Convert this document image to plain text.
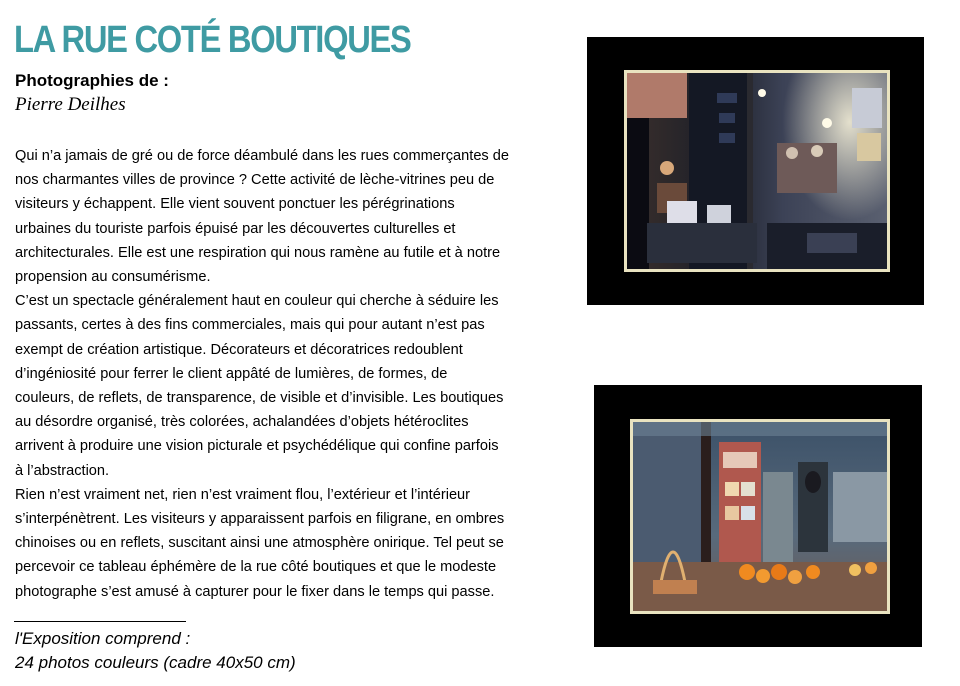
LA RUE COTÉ BOUTIQUES
Photographies de :
Pierre Deilhes
Qui n’a jamais de gré ou de force déambulé dans les rues commerçantes de
nos charmantes villes de province ? Cette activité de lèche-vitrines peu de
visiteurs y échappent. Elle vient souvent ponctuer les pérégrinations
urbaines du touriste parfois épuisé par les découvertes culturelles et
architecturales. Elle est une respiration qui nous ramène au futile et à notre
propension au consumérisme.
C’est un spectacle généralement haut en couleur qui cherche à séduire les
passants, certes à des fins commerciales, mais qui pour autant n’est pas
exempt de création artistique. Décorateurs et décoratrices redoublent
d’ingéniosité pour ferrer le client appâté de lumières, de formes, de
couleurs, de reflets, de transparence, de visible et d’invisible. Les boutiques
au désordre organisé, très colorées, achalandées d’objets hétéroclites
arrivent à produire une vision picturale et psychédélique qui confine parfois
à l’abstraction.
Rien n’est vraiment net, rien n’est vraiment flou, l’extérieur et l’intérieur
s’interpénètrent. Les visiteurs y apparaissent parfois en filigrane, en ombres
chinoises ou en reflets, suscitant ainsi une atmosphère onirique. Tel peut se
percevoir ce tableau éphémère de la rue côté boutiques et que le modeste
photographe s’est amusé à capturer pour le fixer dans le temps qui passe.
l'Exposition comprend :
24 photos couleurs (cadre 40x50 cm)
